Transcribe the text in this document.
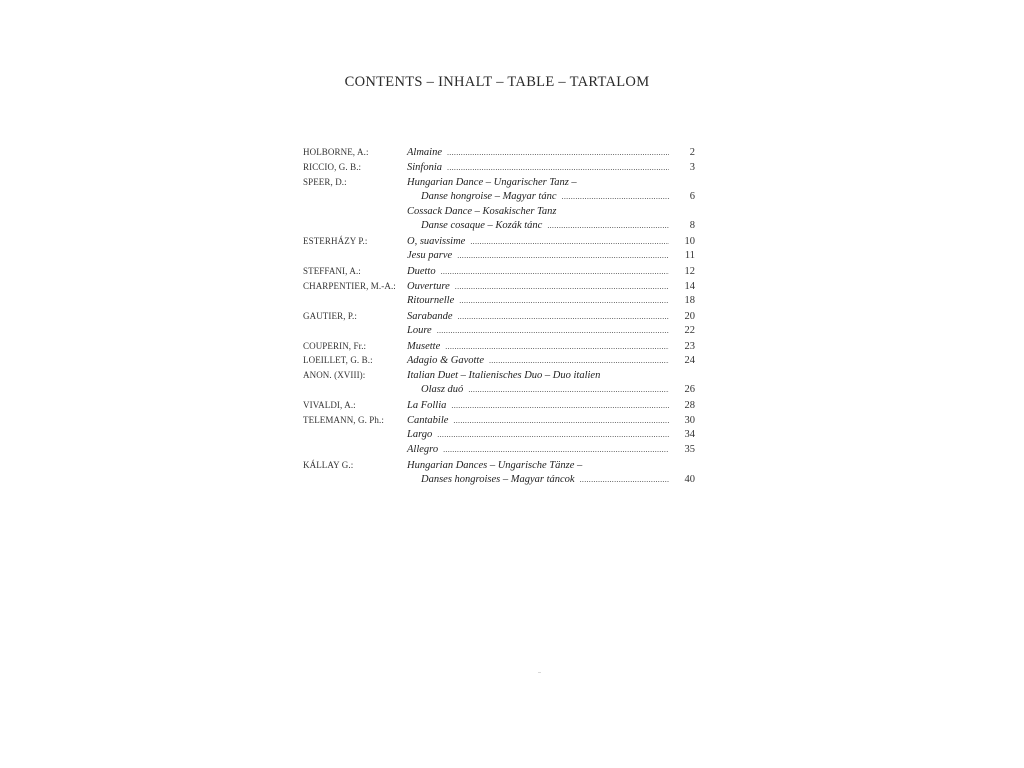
CONTENTS – INHALT – TABLE – TARTALOM
HOLBORNE, A.:	Almaine .....	2
RICCIO, G. B.:	Sinfonia .....	3
SPEER, D.:	Hungarian Dance – Ungarischer Tanz –
Danse hongroise – Magyar tánc .....	6
Cossack Dance – Kosakischer Tanz
Danse cosaque – Kozák tánc .....	8
ESTERHÁZY P.:	O, suavissime .....	10
Jesu parve .....	11
STEFFANI, A.:	Duetto .....	12
CHARPENTIER, M.-A.:	Ouverture .....	14
Ritournelle .....	18
GAUTIER, P.:	Sarabande .....	20
Loure .....	22
COUPERIN, Fr.:	Musette .....	23
LOEILLET, G. B.:	Adagio & Gavotte .....	24
ANON. (XVIII):	Italian Duet – Italienisches Duo – Duo italien
Olasz duó .....	26
VIVALDI, A.:	La Follia .....	28
TELEMANN, G. Ph.:	Cantabile .....	30
Largo .....	34
Allegro .....	35
KÁLLAY G.:	Hungarian Dances – Ungarische Tänze –
Danses hongroises – Magyar táncok .....	40
